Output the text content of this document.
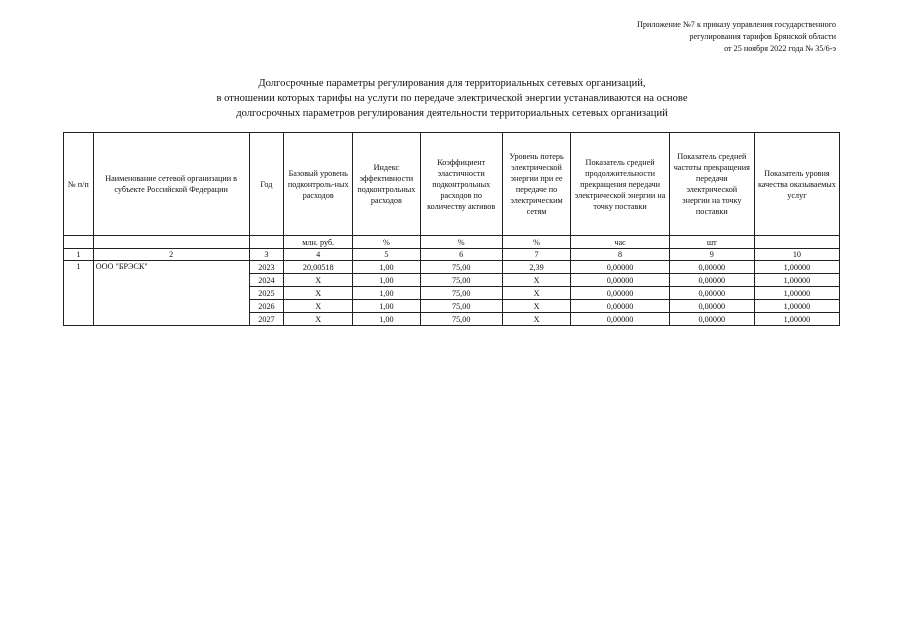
Приложение №7 к приказу управления государственного
регулирования тарифов Брянской области
от 25 ноября 2022 года № 35/6-э
Долгосрочные параметры регулирования для территориальных сетевых организаций,
в отношении которых тарифы на услуги по передаче электрической энергии устанавливаются на основе
долгосрочных параметров регулирования деятельности территориальных сетевых организаций
№ п/п	Наименование сетевой организации в субъекте Российской Федерации	Год	Базовый уровень подконтроль-ных расходов	Индекс эффективности подконтрольных расходов	Коэффициент эластичности подконтрольных расходов по количеству активов	Уровень потерь электрической энергии при ее передаче по электрическим сетям	Показатель средней продолжительности прекращения передачи электрической энергии на точку поставки	Показатель средней частоты прекращения передачи электрической энергии на точку поставки	Показатель уровня качества оказываемых услуг
			млн. руб.	%	%	%	час	шт	
1	2	3	4	5	6	7	8	9	10
1	ООО "БРЭСК"	2023	20,00518	1,00	75,00	2,39	0,00000	0,00000	1,00000
		2024	X	1,00	75,00	X	0,00000	0,00000	1,00000
		2025	X	1,00	75,00	X	0,00000	0,00000	1,00000
		2026	X	1,00	75,00	X	0,00000	0,00000	1,00000
		2027	X	1,00	75,00	X	0,00000	0,00000	1,00000
